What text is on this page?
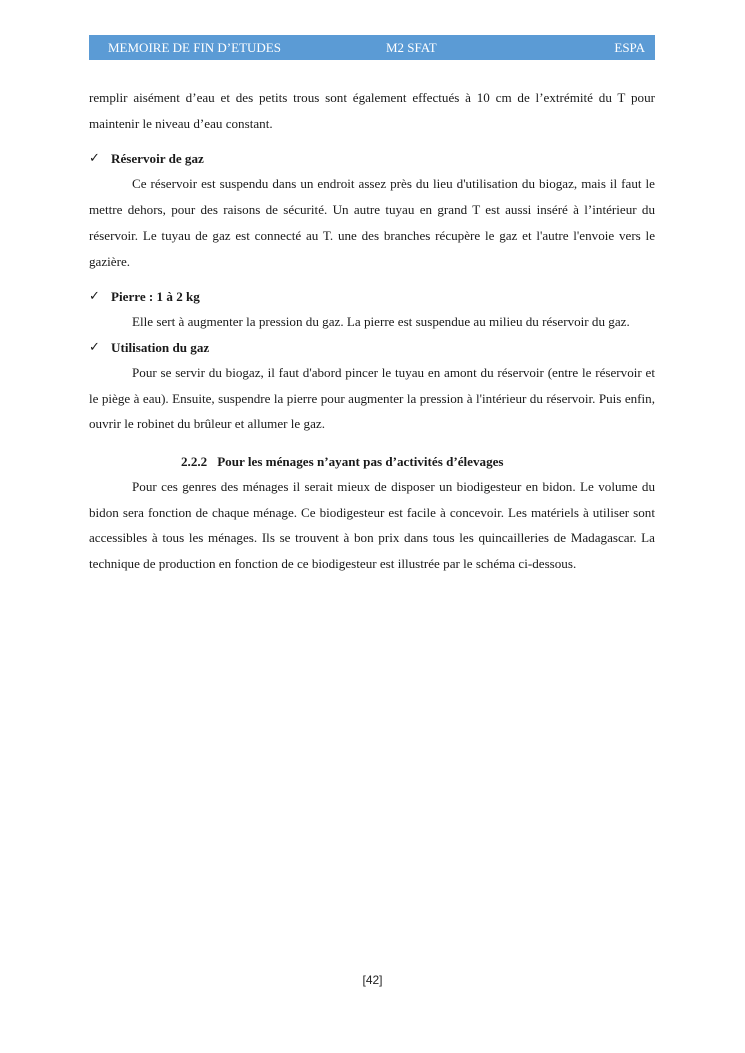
MEMOIRE DE FIN D’ETUDES	M2 SFAT	ESPA

remplir aisément d’eau et des petits trous sont également effectués à 10 cm de l’extrémité du T pour maintenir le niveau d’eau constant.

✓ Réservoir de gaz

Ce réservoir est suspendu dans un endroit assez près du lieu d'utilisation du biogaz, mais il faut le mettre dehors, pour des raisons de sécurité. Un autre tuyau en grand T est aussi inséré à l’intérieur du réservoir. Le tuyau de gaz est connecté au T. une des branches récupère le gaz et l'autre l'envoie vers le gazière.

✓ Pierre : 1 à 2 kg

Elle sert à augmenter la pression du gaz. La pierre est suspendue au milieu du réservoir du gaz.

✓ Utilisation du gaz

Pour se servir du biogaz, il faut d'abord pincer le tuyau en amont du réservoir (entre le réservoir et le piège à eau). Ensuite, suspendre la pierre pour augmenter la pression à l'intérieur du réservoir. Puis enfin, ouvrir le robinet du brûleur et allumer le gaz.

2.2.2 Pour les ménages n’ayant pas d’activités d’élevages

Pour ces genres des ménages il serait mieux de disposer un biodigesteur en bidon. Le volume du bidon sera fonction de chaque ménage. Ce biodigesteur est facile à concevoir. Les matériels à utiliser sont accessibles à tous les ménages. Ils se trouvent à bon prix dans tous les quincailleries de Madagascar. La technique de production en fonction de ce biodigesteur est illustrée par le schéma ci-dessous.

[42]
